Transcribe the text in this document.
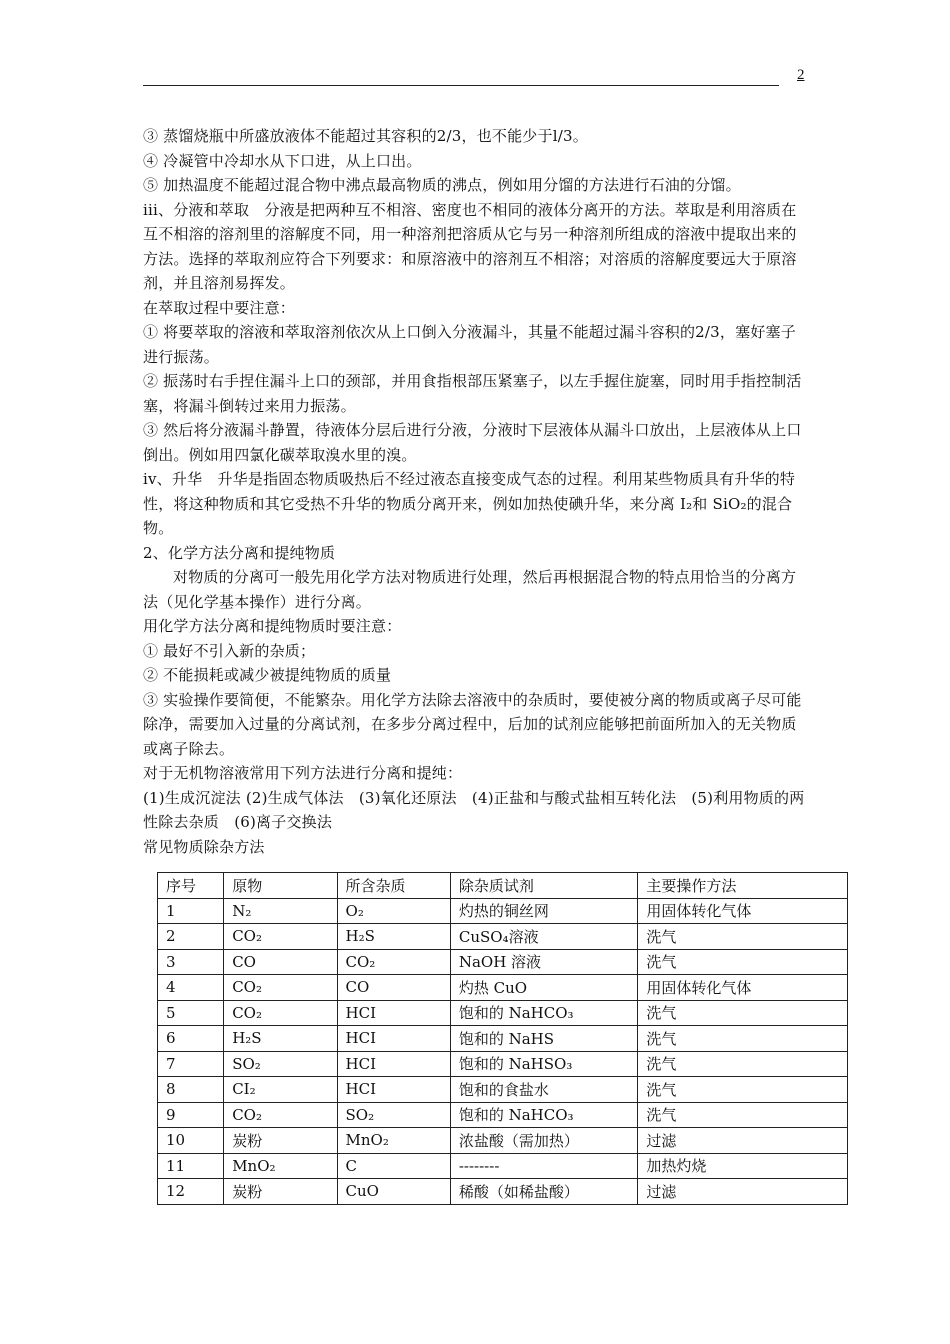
2

③ 蒸馏烧瓶中所盛放液体不能超过其容积的2/3，也不能少于l/3。

④ 冷凝管中冷却水从下口进，从上口出。

⑤ 加热温度不能超过混合物中沸点最高物质的沸点，例如用分馏的方法进行石油的分馏。

iii、分液和萃取　分液是把两种互不相溶、密度也不相同的液体分离开的方法。萃取是利用溶质在互不相溶的溶剂里的溶解度不同，用一种溶剂把溶质从它与另一种溶剂所组成的溶液中提取出来的方法。选择的萃取剂应符合下列要求：和原溶液中的溶剂互不相溶；对溶质的溶解度要远大于原溶剂，并且溶剂易挥发。

在萃取过程中要注意：

① 将要萃取的溶液和萃取溶剂依次从上口倒入分液漏斗，其量不能超过漏斗容积的2/3，塞好塞子进行振荡。

② 振荡时右手捏住漏斗上口的颈部，并用食指根部压紧塞子，以左手握住旋塞，同时用手指控制活塞，将漏斗倒转过来用力振荡。

③ 然后将分液漏斗静置，待液体分层后进行分液，分液时下层液体从漏斗口放出，上层液体从上口倒出。例如用四氯化碳萃取溴水里的溴。

iv、升华　升华是指固态物质吸热后不经过液态直接变成气态的过程。利用某些物质具有升华的特性，将这种物质和其它受热不升华的物质分离开来，例如加热使碘升华，来分离 I₂和 SiO₂的混合物。

2、化学方法分离和提纯物质

对物质的分离可一般先用化学方法对物质进行处理，然后再根据混合物的特点用恰当的分离方法（见化学基本操作）进行分离。

用化学方法分离和提纯物质时要注意：

① 最好不引入新的杂质；

② 不能损耗或减少被提纯物质的质量

③ 实验操作要简便，不能繁杂。用化学方法除去溶液中的杂质时，要使被分离的物质或离子尽可能除净，需要加入过量的分离试剂，在多步分离过程中，后加的试剂应能够把前面所加入的无关物质或离子除去。

对于无机物溶液常用下列方法进行分离和提纯：

(1)生成沉淀法 (2)生成气体法　(3)氧化还原法　(4)正盐和与酸式盐相互转化法　(5)利用物质的两性除去杂质　(6)离子交换法

常见物质除杂方法

序号	原物	所含杂质	除杂质试剂	主要操作方法
1	N₂	O₂	灼热的铜丝网	用固体转化气体
2	CO₂	H₂S	CuSO₄溶液	洗气
3	CO	CO₂	NaOH 溶液	洗气
4	CO₂	CO	灼热 CuO	用固体转化气体
5	CO₂	HCI	饱和的 NaHCO₃	洗气
6	H₂S	HCI	饱和的 NaHS	洗气
7	SO₂	HCI	饱和的 NaHSO₃	洗气
8	CI₂	HCI	饱和的食盐水	洗气
9	CO₂	SO₂	饱和的 NaHCO₃	洗气
10	炭粉	MnO₂	浓盐酸（需加热）	过滤
11	MnO₂	C	--------	加热灼烧
12	炭粉	CuO	稀酸（如稀盐酸）	过滤
